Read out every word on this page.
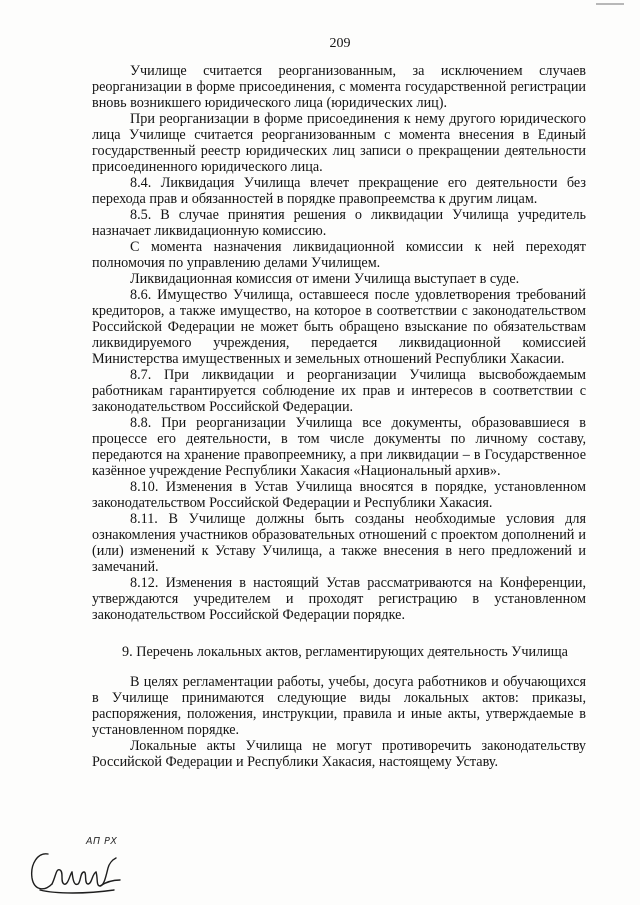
209

Училище считается реорганизованным, за исключением случаев реорганизации в форме присоединения, с момента государственной регистрации вновь возникшего юридического лица (юридических лиц).

При реорганизации в форме присоединения к нему другого юридического лица Училище считается реорганизованным с момента внесения в Единый государственный реестр юридических лиц записи о прекращении деятельности присоединенного юридического лица.

8.4. Ликвидация Училища влечет прекращение его деятельности без перехода прав и обязанностей в порядке правопреемства к другим лицам.

8.5. В случае принятия решения о ликвидации Училища учредитель назначает ликвидационную комиссию.

С момента назначения ликвидационной комиссии к ней переходят полномочия по управлению делами Училищем.

Ликвидационная комиссия от имени Училища выступает в суде.

8.6. Имущество Училища, оставшееся после удовлетворения требований кредиторов, а также имущество, на которое в соответствии с законодательством Российской Федерации не может быть обращено взыскание по обязательствам ликвидируемого учреждения, передается ликвидационной комиссией Министерства имущественных и земельных отношений Республики Хакасии.

8.7. При ликвидации и реорганизации Училища высвобождаемым работникам гарантируется соблюдение их прав и интересов в соответствии с законодательством Российской Федерации.

8.8. При реорганизации Училища все документы, образовавшиеся в процессе его деятельности, в том числе документы по личному составу, передаются на хранение правопреемнику, а при ликвидации – в Государственное казённое учреждение Республики Хакасия «Национальный архив».

8.10. Изменения в Устав Училища вносятся в порядке, установленном законодательством Российской Федерации и Республики Хакасия.

8.11. В Училище должны быть созданы необходимые условия для ознакомления участников образовательных отношений с проектом дополнений и (или) изменений к Уставу Училища, а также внесения в него предложений и замечаний.

8.12. Изменения в настоящий Устав рассматриваются на Конференции, утверждаются учредителем и проходят регистрацию в установленном законодательством Российской Федерации порядке.

9. Перечень локальных актов, регламентирующих деятельность Училища

В целях регламентации работы, учебы, досуга работников и обучающихся в Училище принимаются следующие виды локальных актов: приказы, распоряжения, положения, инструкции, правила и иные акты, утверждаемые в установленном порядке.

Локальные акты Училища не могут противоречить законодательству Российской Федерации и Республики Хакасия, настоящему Уставу.

АП РХ
